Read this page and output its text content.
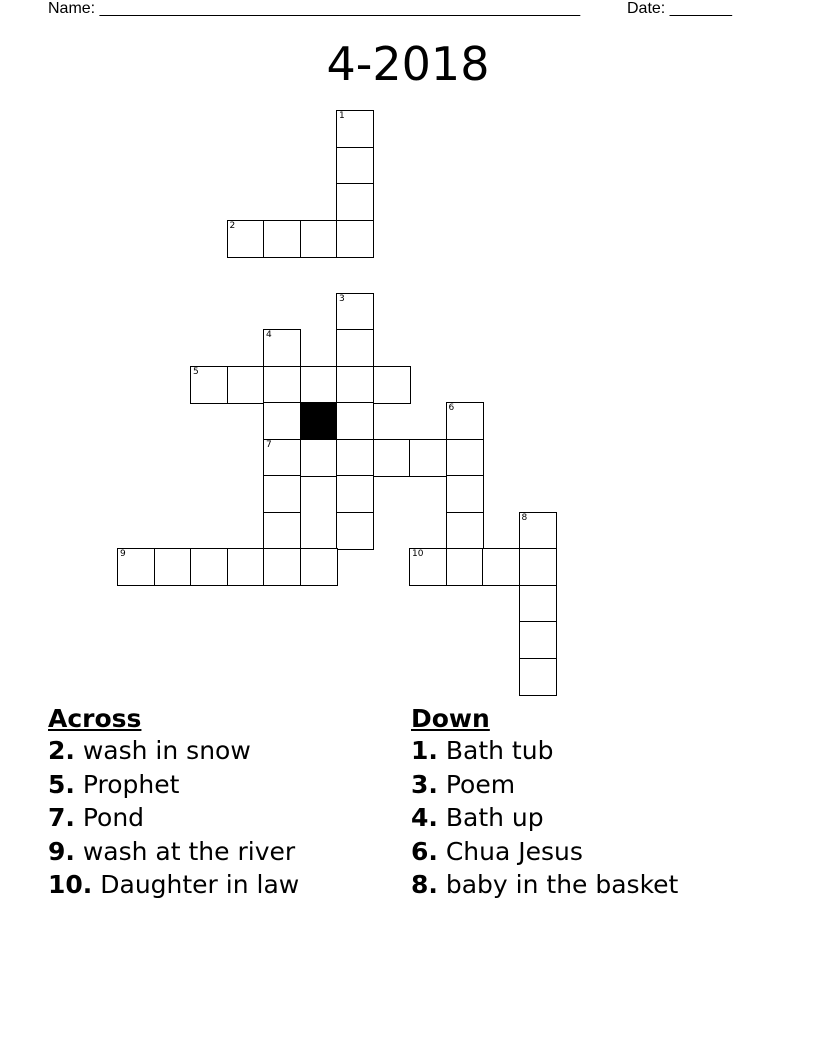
Name: ______________________________________________________	Date: _______
4-2018
1
2
3
4
5
6
7
8
9	10
Across
2. wash in snow
5. Prophet
7. Pond
9. wash at the river
10. Daughter in law
Down
1. Bath tub
3. Poem
4. Bath up
6. Chua Jesus
8. baby in the basket
